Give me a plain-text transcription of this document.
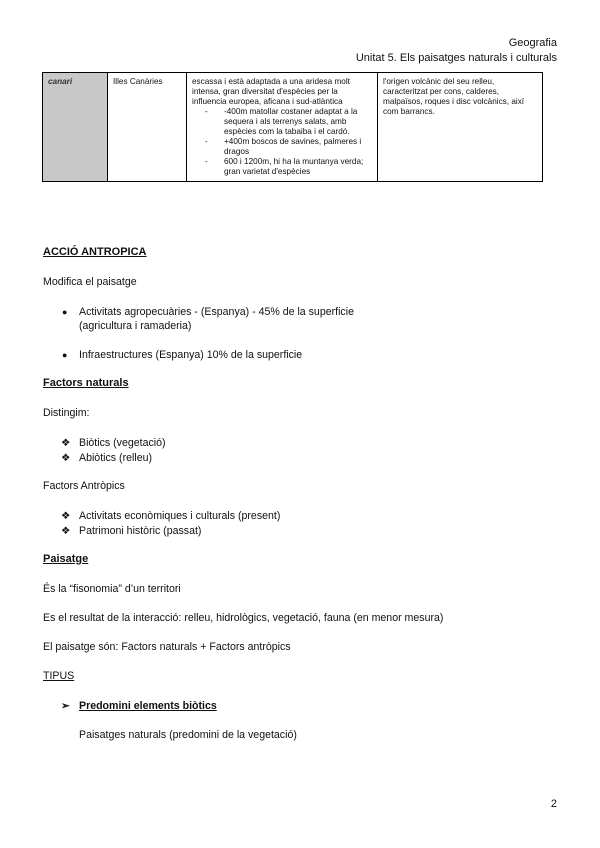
Geografia
Unitat 5. Els paisatges naturals i culturals
canari	Illes Canàries	escassa i està adaptada a una aridesa molt intensa, gran diversitat d'espècies per la influencia europea, aficana i sud-atlàntica
- -400m matollar costaner adaptat a la sequera i als terrenys salats, amb espècies com la tabaiba i el cardó.
- +400m boscos de savines, palmeres i dragos
- 600 i 1200m, hi ha la muntanya verda; gran varietat d'espècies
	l'origen volcànic del seu relleu, caracteritzat per cons, calderes, malpaïsos, roques i disc volcànics, així com barrancs.
ACCIÓ ANTROPICA
Modifica el paisatge
● Activitats agropecuàries - (Espanya) - 45% de la superficie
(agricultura i ramaderia)
● Infraestructures (Espanya) 10% de la superficie
Factors naturals
Distingim:
❖ Biòtics (vegetació)
❖ Abiòtics (relleu)
Factors Antròpics
❖ Activitats econòmiques i culturals (present)
❖ Patrimoni històric (passat)
Paisatge
És la “fisonomia” d’un territori
Es el resultat de la interacció: relleu, hidrològics, vegetació, fauna (en menor mesura)
El paisatge són: Factors naturals + Factors antròpics
TIPUS
➢ Predomini elements biòtics
Paisatges naturals (predomini de la vegetació)
2
